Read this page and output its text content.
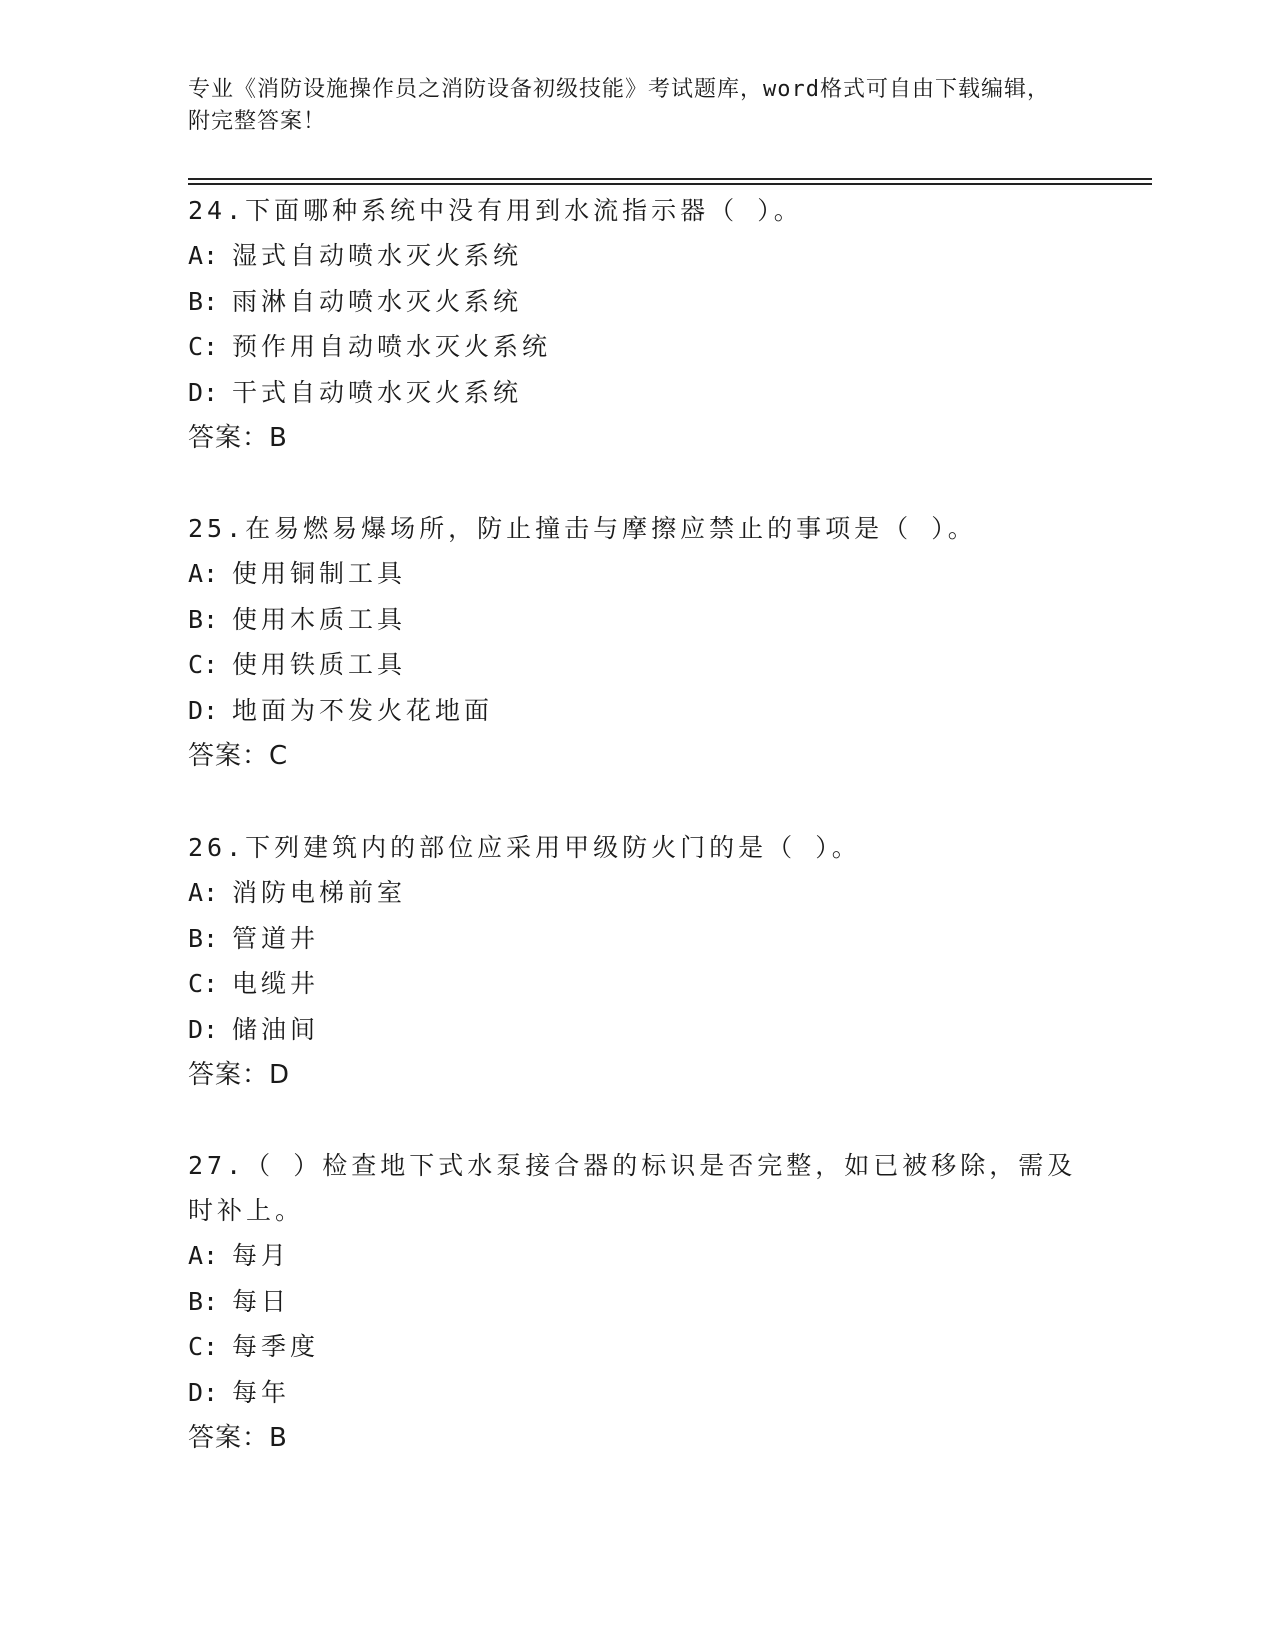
专业《消防设施操作员之消防设备初级技能》考试题库，word格式可自由下载编辑，附完整答案！

24.下面哪种系统中没有用到水流指示器（ ）。

A: 湿式自动喷水灭火系统
B: 雨淋自动喷水灭火系统
C: 预作用自动喷水灭火系统
D: 干式自动喷水灭火系统
答案：B

25.在易燃易爆场所，防止撞击与摩擦应禁止的事项是（ ）。

A: 使用铜制工具
B: 使用木质工具
C: 使用铁质工具
D: 地面为不发火花地面
答案：C

26.下列建筑内的部位应采用甲级防火门的是（ ）。

A: 消防电梯前室
B: 管道井
C: 电缆井
D: 储油间
答案：D

27.（ ）检查地下式水泵接合器的标识是否完整，如已被移除，需及时补上。

A: 每月
B: 每日
C: 每季度
D: 每年
答案：B
